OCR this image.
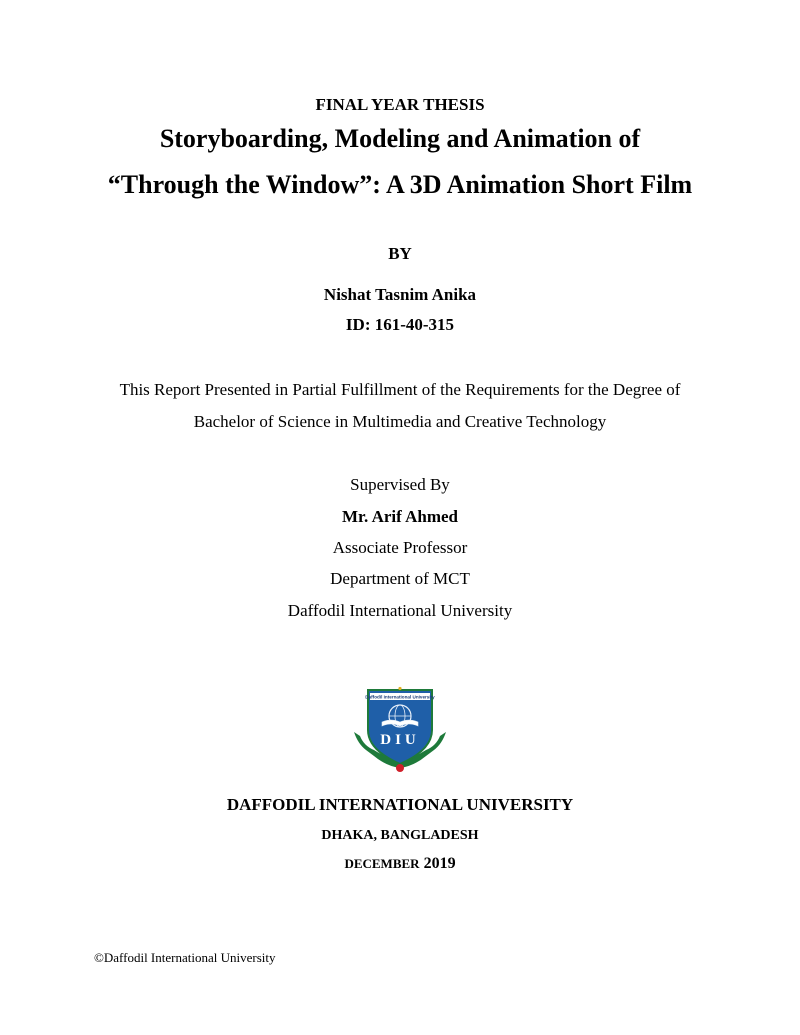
FINAL YEAR THESIS
Storyboarding, Modeling and Animation of
“Through the Window”: A 3D Animation Short Film
BY
Nishat Tasnim Anika
ID: 161-40-315
This Report Presented in Partial Fulfillment of the Requirements for the Degree of
Bachelor of Science in Multimedia and Creative Technology
Supervised By
Mr. Arif Ahmed
Associate Professor
Department of MCT
Daffodil International University
Daffodil International University
DIU
DAFFODIL INTERNATIONAL UNIVERSITY
DHAKA, BANGLADESH
DECEMBER 2019
©Daffodil International University
